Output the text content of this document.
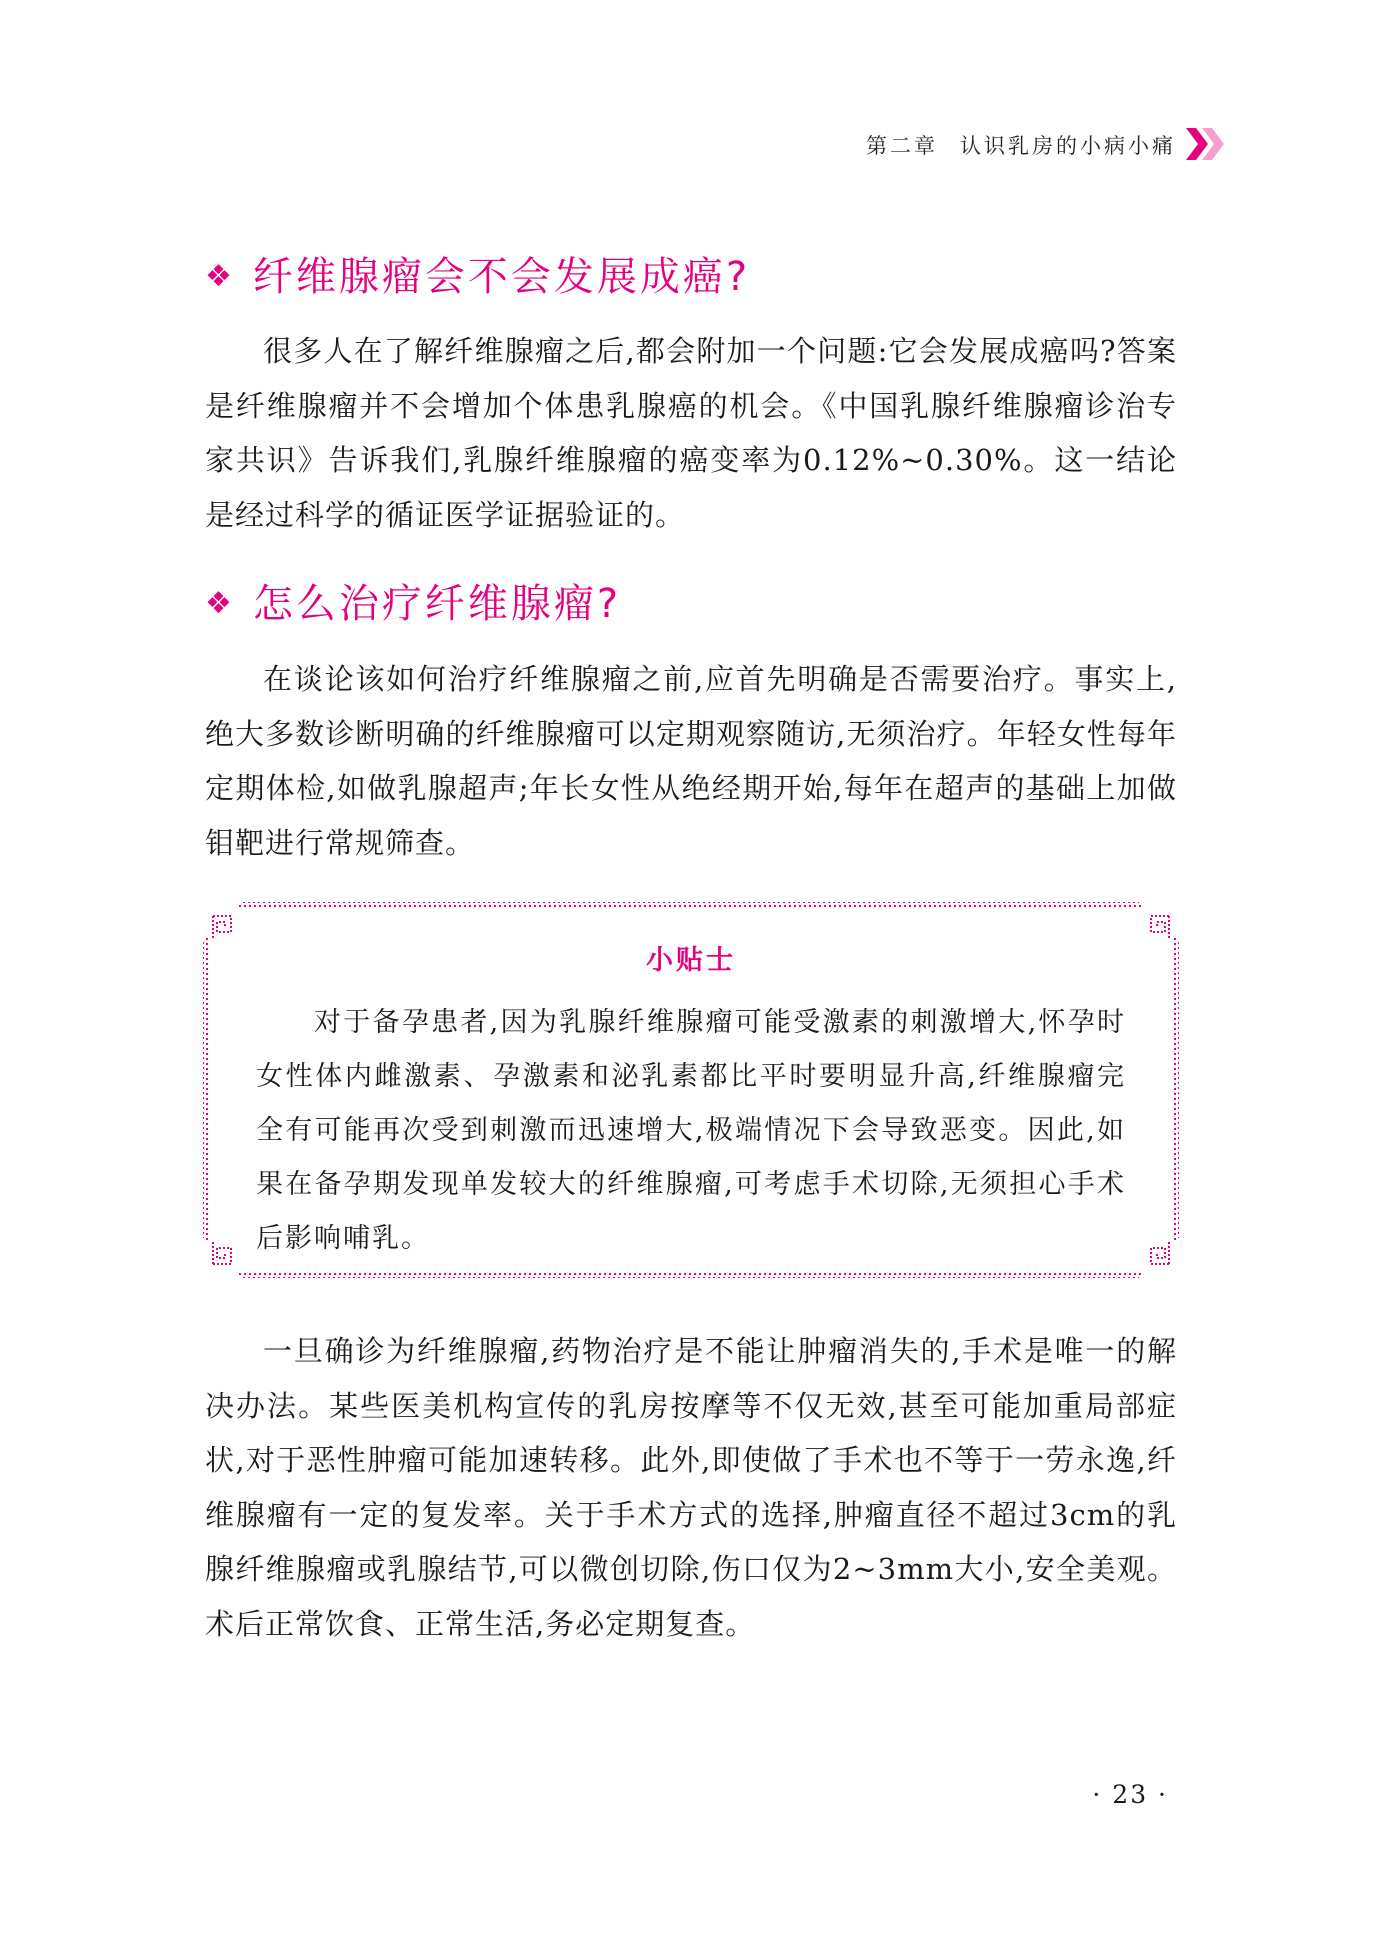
第二章 认识乳房的小病小痛
❖ 纤维腺瘤会不会发展成癌?

很多人在了解纤维腺瘤之后,都会附加一个问题:它会发展成癌吗?答案是纤维腺瘤并不会增加个体患乳腺癌的机会。《中国乳腺纤维腺瘤诊治专家共识》告诉我们,乳腺纤维腺瘤的癌变率为0.12%~0.30%。这一结论是经过科学的循证医学证据验证的。

❖ 怎么治疗纤维腺瘤?

在谈论该如何治疗纤维腺瘤之前,应首先明确是否需要治疗。事实上,绝大多数诊断明确的纤维腺瘤可以定期观察随访,无须治疗。年轻女性每年定期体检,如做乳腺超声;年长女性从绝经期开始,每年在超声的基础上加做钼靶进行常规筛查。

小贴士

对于备孕患者,因为乳腺纤维腺瘤可能受激素的刺激增大,怀孕时女性体内雌激素、孕激素和泌乳素都比平时要明显升高,纤维腺瘤完全有可能再次受到刺激而迅速增大,极端情况下会导致恶变。因此,如果在备孕期发现单发较大的纤维腺瘤,可考虑手术切除,无须担心手术后影响哺乳。

一旦确诊为纤维腺瘤,药物治疗是不能让肿瘤消失的,手术是唯一的解决办法。某些医美机构宣传的乳房按摩等不仅无效,甚至可能加重局部症状,对于恶性肿瘤可能加速转移。此外,即使做了手术也不等于一劳永逸,纤维腺瘤有一定的复发率。关于手术方式的选择,肿瘤直径不超过3cm的乳腺纤维腺瘤或乳腺结节,可以微创切除,伤口仅为2~3mm大小,安全美观。术后正常饮食、正常生活,务必定期复查。

· 23 ·
